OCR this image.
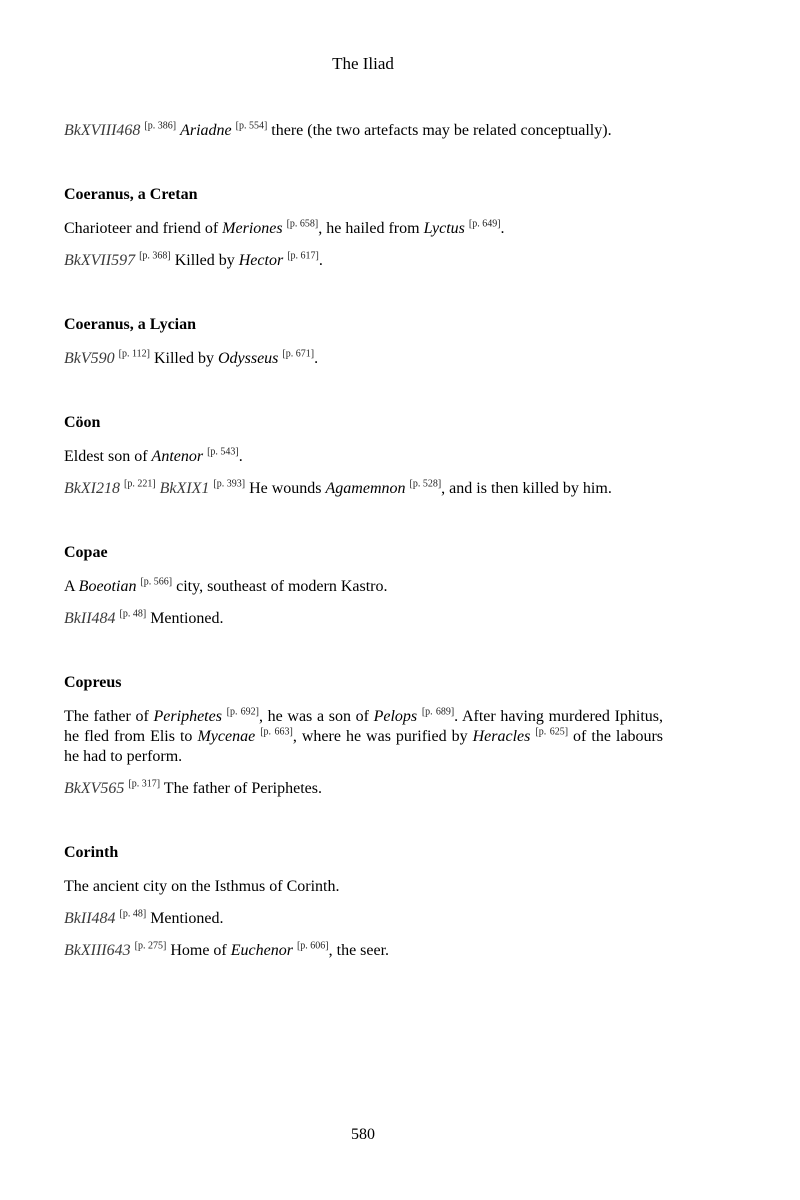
The Iliad

BkXVIII468 [p. 386] Ariadne [p. 554] there (the two artefacts may be related conceptually).

Coeranus, a Cretan

Charioteer and friend of Meriones [p. 658], he hailed from Lyctus [p. 649].

BkXVII597 [p. 368] Killed by Hector [p. 617].

Coeranus, a Lycian

BkV590 [p. 112] Killed by Odysseus [p. 671].

Cöon

Eldest son of Antenor [p. 543].

BkXI218 [p. 221] BkXIX1 [p. 393] He wounds Agamemnon [p. 528], and is then killed by him.

Copae

A Boeotian [p. 566] city, southeast of modern Kastro.

BkII484 [p. 48] Mentioned.

Copreus

The father of Periphetes [p. 692], he was a son of Pelops [p. 689]. After having murdered Iphitus, he fled from Elis to Mycenae [p. 663], where he was purified by Heracles [p. 625] of the labours he had to perform.

BkXV565 [p. 317] The father of Periphetes.

Corinth

The ancient city on the Isthmus of Corinth.

BkII484 [p. 48] Mentioned.

BkXIII643 [p. 275] Home of Euchenor [p. 606], the seer.

580
